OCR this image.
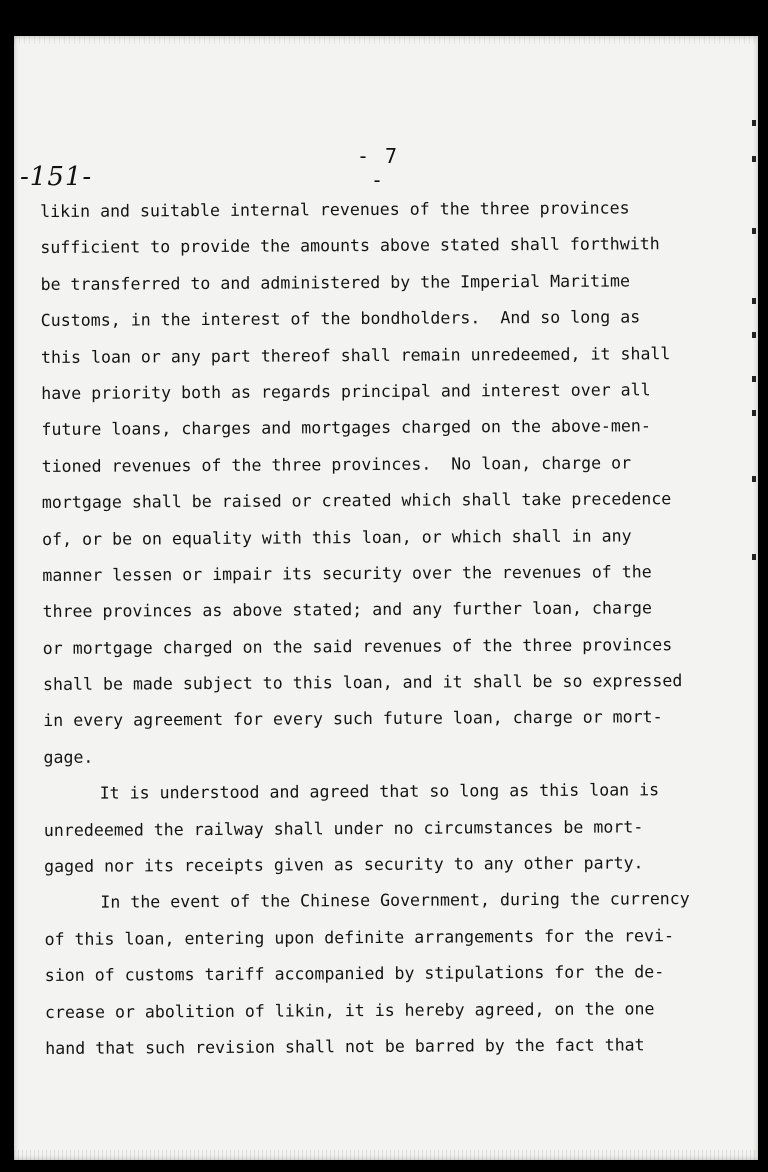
- 7 -
-151-
likin and suitable internal revenues of the three provinces
sufficient to provide the amounts above stated shall forthwith
be transferred to and administered by the Imperial Maritime
Customs, in the interest of the bondholders.  And so long as
this loan or any part thereof shall remain unredeemed, it shall
have priority both as regards principal and interest over all
future loans, charges and mortgages charged on the above-men-
tioned revenues of the three provinces.  No loan, charge or
mortgage shall be raised or created which shall take precedence
of, or be on equality with this loan, or which shall in any
manner lessen or impair its security over the revenues of the
three provinces as above stated; and any further loan, charge
or mortgage charged on the said revenues of the three provinces
shall be made subject to this loan, and it shall be so expressed
in every agreement for every such future loan, charge or mort-
gage.
It is understood and agreed that so long as this loan is
unredeemed the railway shall under no circumstances be mort-
gaged nor its receipts given as security to any other party.
In the event of the Chinese Government, during the currency
of this loan, entering upon definite arrangements for the revi-
sion of customs tariff accompanied by stipulations for the de-
crease or abolition of likin, it is hereby agreed, on the one
hand that such revision shall not be barred by the fact that
